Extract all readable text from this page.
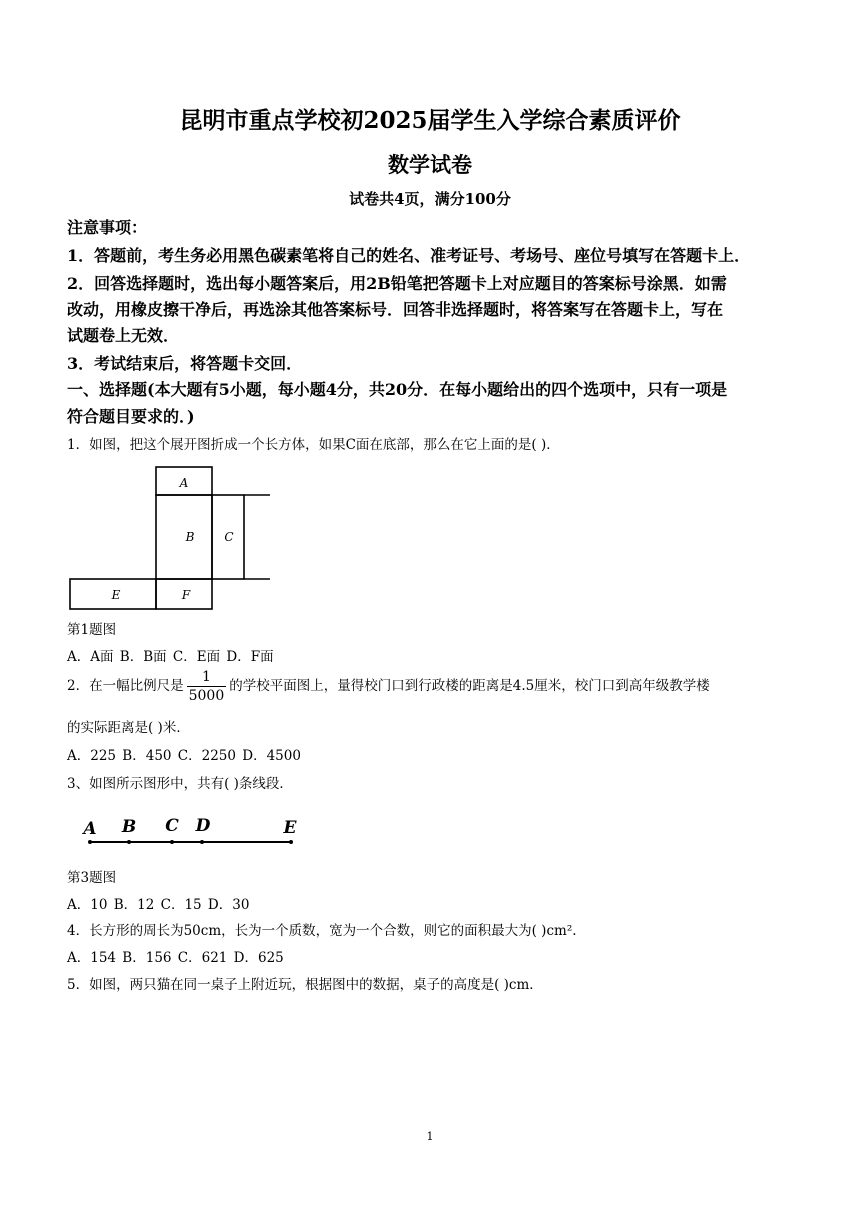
昆明市重点学校初2025届学生入学综合素质评价
数学试卷
试卷共4页，满分100分
注意事项：
1．答题前，考生务必用黑色碳素笔将自己的姓名、准考证号、考场号、座位号填写在答题卡上．
2．回答选择题时，选出每小题答案后，用2B铅笔把答题卡上对应题目的答案标号涂黑．如需
改动，用橡皮擦干净后，再选涂其他答案标号．回答非选择题时，将答案写在答题卡上，写在
试题卷上无效．
3．考试结束后，将答题卡交回．
一、选择题(本大题有5小题，每小题4分，共20分．在每小题给出的四个选项中，只有一项是
符合题目要求的．)
1．如图，把这个展开图折成一个长方体，如果C面在底部，那么在它上面的是( )．
A
B C
E	F
第1题图
A．A面 B．B面 C．E面 D．F面
2．在一幅比例尺是 $\frac{1}{5000}$ 的学校平面图上，量得校门口到行政楼的距离是4.5厘米，校门口到高年级教学楼
的实际距离是( )米．
A．225 B．450 C．2250 D．4500
3、如图所示图形中，共有( )条线段．
A B C D	E
第3题图
A．10 B．12 C．15 D．30
4．长方形的周长为50cm，长为一个质数，宽为一个合数，则它的面积最大为( )cm².
A．154 B．156 C．621 D．625
5．如图，两只猫在同一桌子上附近玩，根据图中的数据，桌子的高度是( )cm．
1
